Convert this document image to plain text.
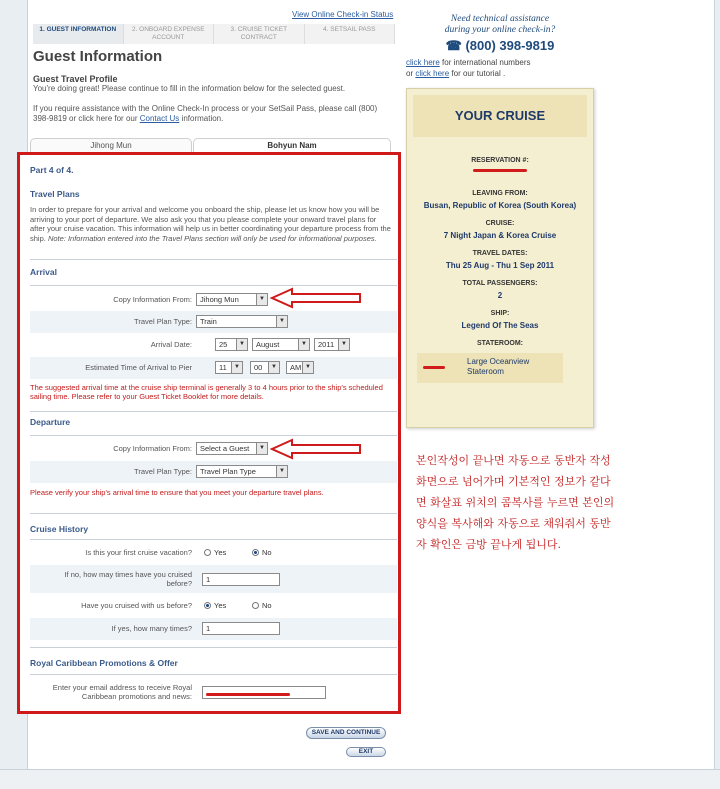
View Online Check-in Status
1. GUEST INFORMATION	2. ONBOARD EXPENSE ACCOUNT
3. CRUISE TICKET CONTRACT
4. SETSAIL PASS
Guest Information
Guest Travel Profile
You're doing great! Please continue to fill in the information below for the selected guest.
If you require assistance with the Online Check-In process or your SetSail Pass, please call (800) 398-9819 or click here for our Contact Us information.
Jihong Mun	Bohyun Nam
Part 4 of 4.
Travel Plans
In order to prepare for your arrival and welcome you onboard the ship, please let us know how you will be arriving to your port of departure. We also ask you that you please complete your onward travel plans for after your cruise vacation. This information will help us in better coordinating your departure process from the ship. Note: Information entered into the Travel Plans section will only be used for informational purposes.
Arrival
Copy Information From:	Jihong Mun	▼
Travel Plan Type:	Train	▼
Arrival Date:	25	▼	August	▼	2011	▼
Estimated Time of Arrival to Pier	11	▼	00	▼	AM ▼
The suggested arrival time at the cruise ship terminal is generally 3 to 4 hours prior to the ship's scheduled sailing time. Please refer to your Guest Ticket Booklet for more details.
Departure
Copy Information From:	Select a Guest	▼
Travel Plan Type:	Travel Plan Type	▼
Please verify your ship's arrival time to ensure that you meet your departure travel plans.
Cruise History
Is this your first cruise vacation?	Yes	No
If no, how may times have you cruised before?	1
Have you cruised with us before?	Yes	No
If yes, how many times?	1
Royal Caribbean Promotions & Offer
Enter your email address to receive Royal Caribbean promotions and news:
SAVE AND CONTINUE
EXIT
Need technical assistance
during your online check-in?
☎ (800) 398-9819
click here for international numbers
or click here for our tutorial .
YOUR CRUISE
RESERVATION #:
LEAVING FROM:
Busan, Republic of Korea (South Korea)
CRUISE:
7 Night Japan & Korea Cruise
TRAVEL DATES:
Thu 25 Aug - Thu 1 Sep 2011
TOTAL PASSENGERS:
2
SHIP:
Legend Of The Seas
STATEROOM:
Large Oceanview Stateroom
본인작성이 끝나면 자동으로 동반자 작성화면으로 넘어가며 기본적인 정보가 같다면 화살표 위치의 콤복사를 누르면 본인의 양식을 복사해와 자동으로 채워줘서 동반자 확인은 금방 끝나게 됩니다.
